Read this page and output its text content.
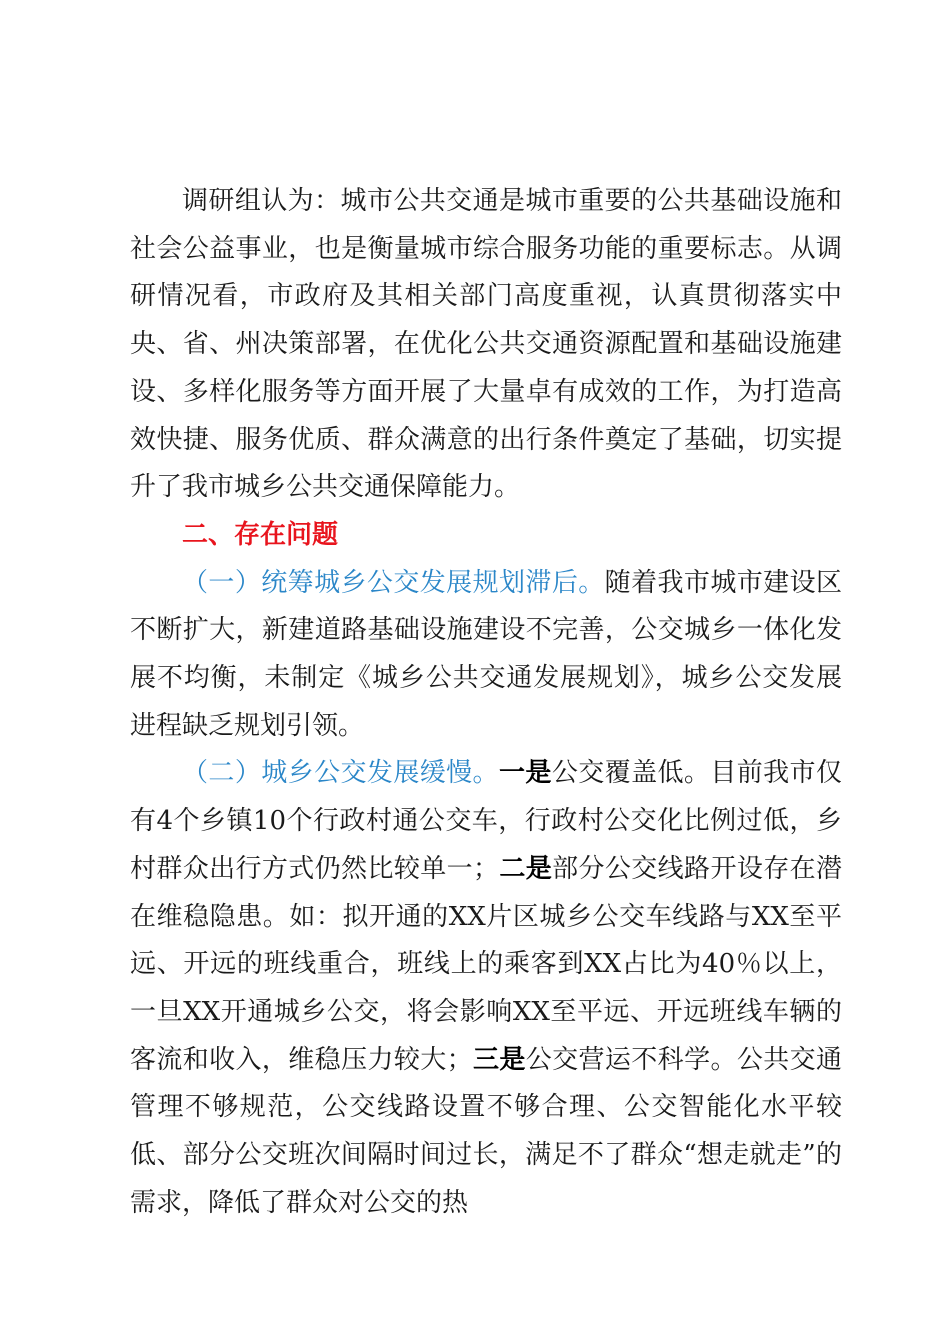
调研组认为：城市公共交通是城市重要的公共基础设施和社会公益事业，也是衡量城市综合服务功能的重要标志。从调研情况看，市政府及其相关部门高度重视，认真贯彻落实中央、省、州决策部署，在优化公共交通资源配置和基础设施建设、多样化服务等方面开展了大量卓有成效的工作，为打造高效快捷、服务优质、群众满意的出行条件奠定了基础，切实提升了我市城乡公共交通保障能力。

二、存在问题

（一）统筹城乡公交发展规划滞后。随着我市城市建设区不断扩大，新建道路基础设施建设不完善，公交城乡一体化发展不均衡，未制定《城乡公共交通发展规划》，城乡公交发展进程缺乏规划引领。

（二）城乡公交发展缓慢。一是公交覆盖低。目前我市仅有4个乡镇10个行政村通公交车，行政村公交化比例过低，乡村群众出行方式仍然比较单一；二是部分公交线路开设存在潜在维稳隐患。如：拟开通的XX片区城乡公交车线路与XX至平远、开远的班线重合，班线上的乘客到XX占比为40％以上，一旦XX开通城乡公交，将会影响XX至平远、开远班线车辆的客流和收入，维稳压力较大；三是公交营运不科学。公共交通管理不够规范，公交线路设置不够合理、公交智能化水平较低、部分公交班次间隔时间过长，满足不了群众“想走就走”的需求，降低了群众对公交的热
